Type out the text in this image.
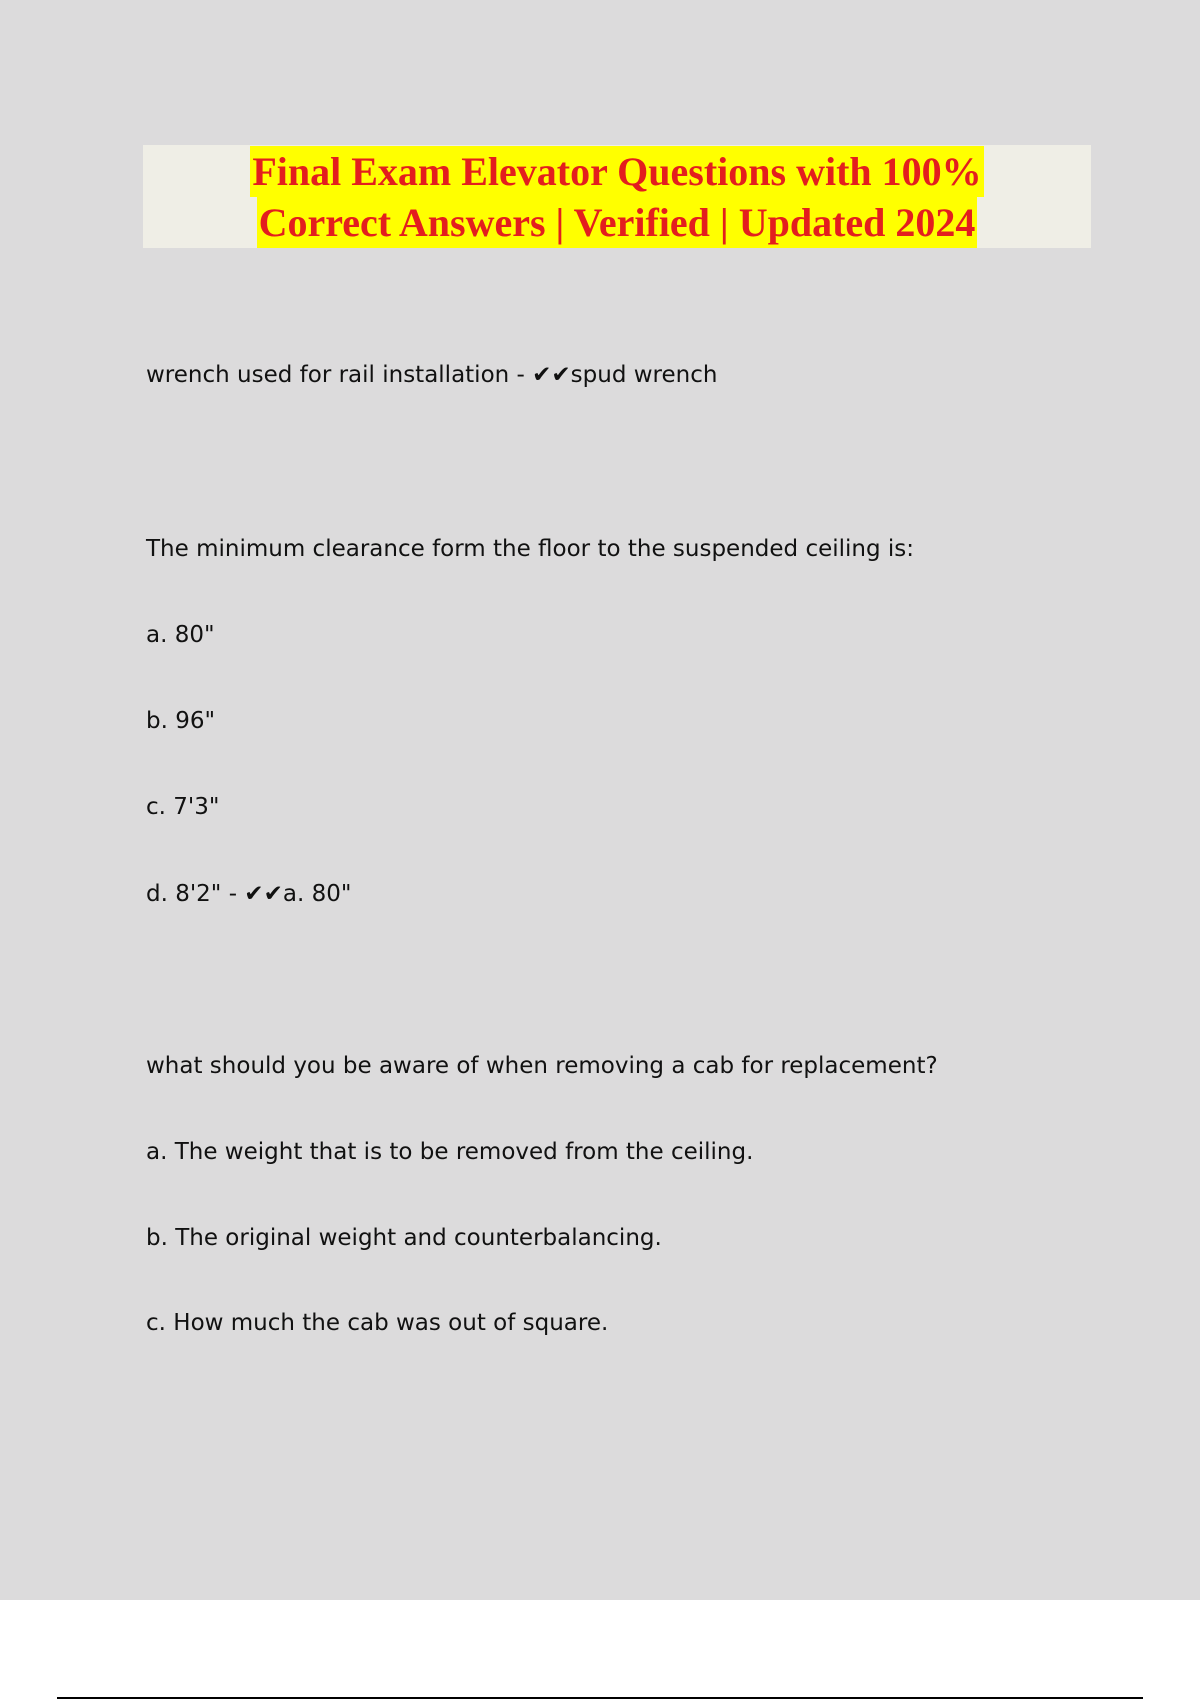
Final Exam Elevator Questions with 100%
Correct Answers | Verified | Updated 2024
wrench used for rail installation - ✔✔spud wrench
The minimum clearance form the floor to the suspended ceiling is:
a. 80"
b. 96"
c. 7'3"
d. 8'2" - ✔✔a. 80"
what should you be aware of when removing a cab for replacement?
a. The weight that is to be removed from the ceiling.
b. The original weight and counterbalancing.
c. How much the cab was out of square.
